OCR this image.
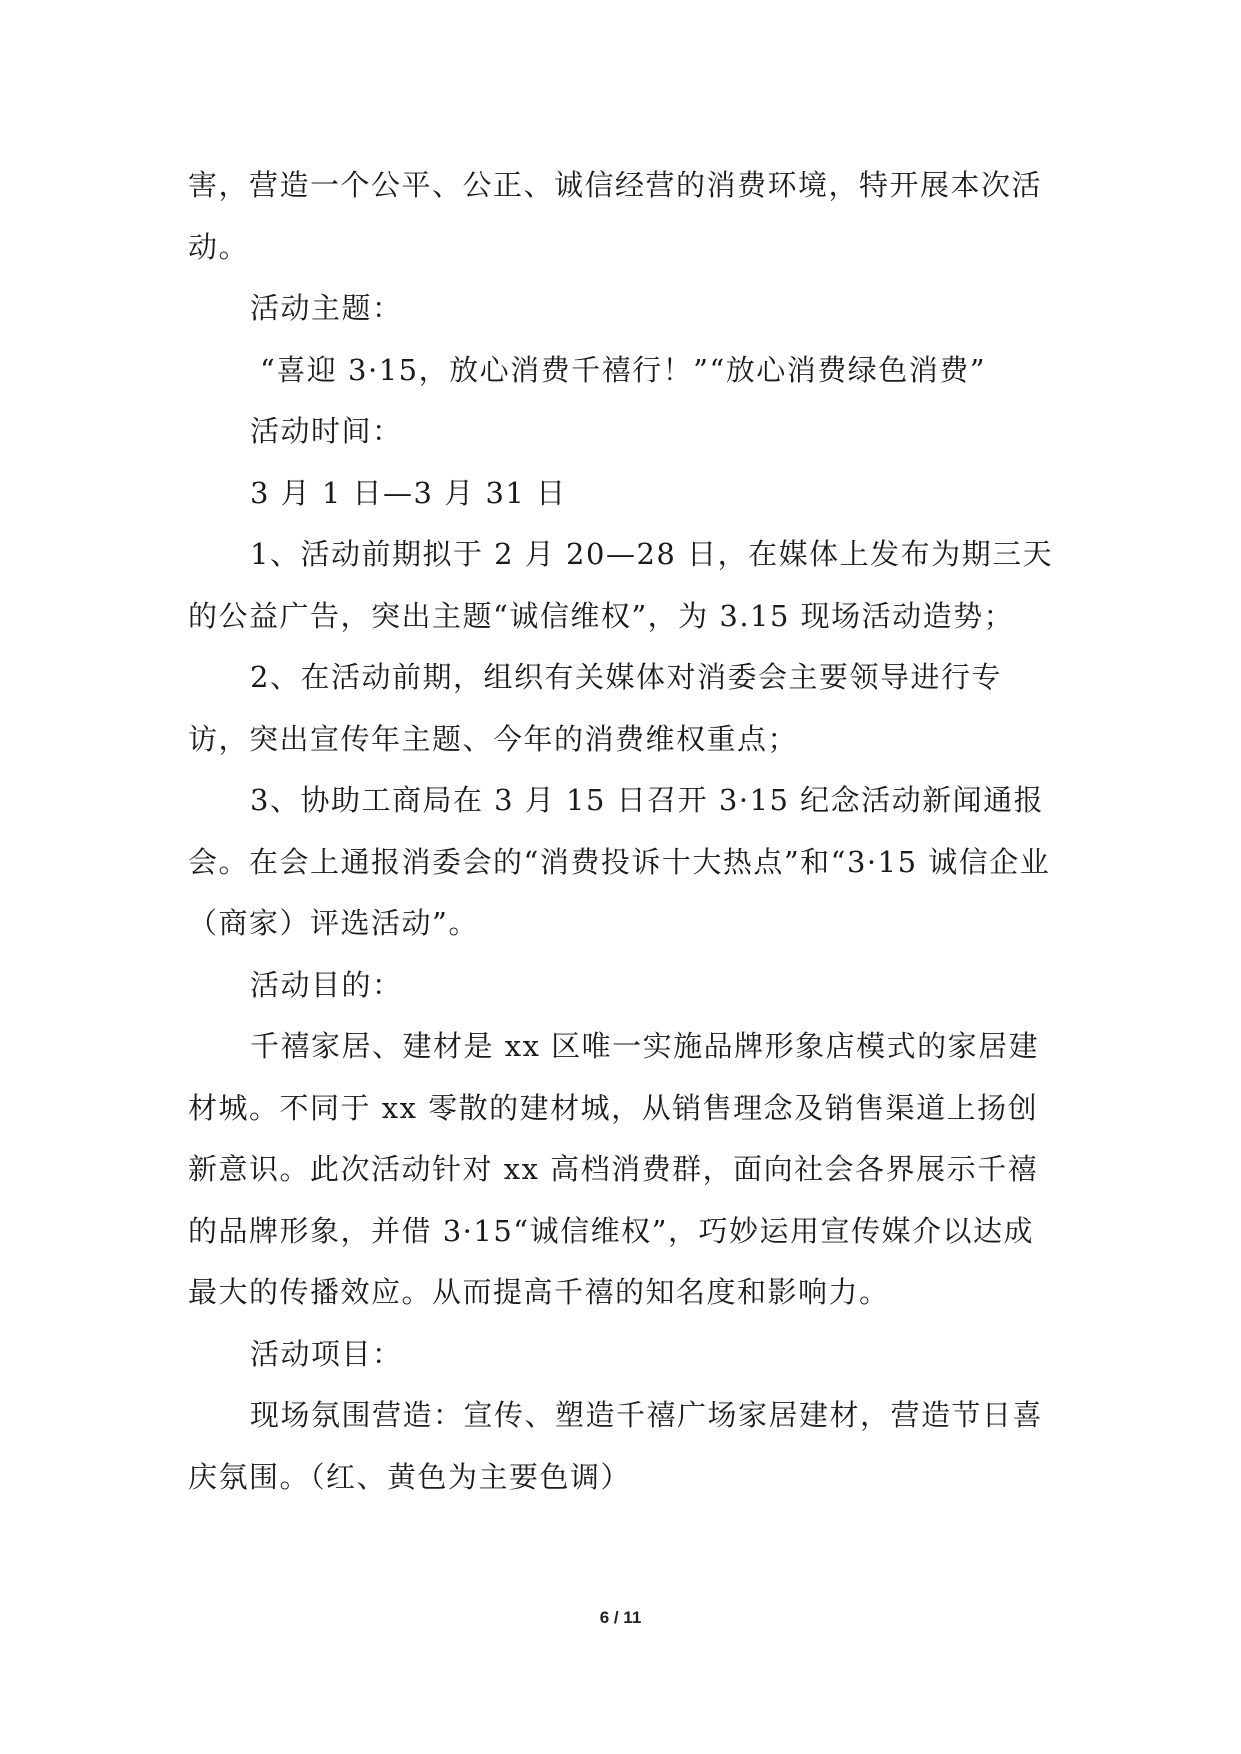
害，营造一个公平、公正、诚信经营的消费环境，特开展本次活动。

活动主题：

“喜迎 3·15，放心消费千禧行！”“放心消费绿色消费”

活动时间：

3 月 1 日—3 月 31 日

1、活动前期拟于 2 月 20—28 日，在媒体上发布为期三天的公益广告，突出主题“诚信维权”，为 3.15 现场活动造势；

2、在活动前期，组织有关媒体对消委会主要领导进行专访，突出宣传年主题、今年的消费维权重点；

3、协助工商局在 3 月 15 日召开 3·15 纪念活动新闻通报会。在会上通报消委会的“消费投诉十大热点”和“3·15 诚信企业（商家）评选活动”。

活动目的：

千禧家居、建材是 xx 区唯一实施品牌形象店模式的家居建材城。不同于 xx 零散的建材城，从销售理念及销售渠道上扬创新意识。此次活动针对 xx 高档消费群，面向社会各界展示千禧的品牌形象，并借 3·15“诚信维权”，巧妙运用宣传媒介以达成最大的传播效应。从而提高千禧的知名度和影响力。

活动项目：

现场氛围营造：宣传、塑造千禧广场家居建材，营造节日喜庆氛围。（红、黄色为主要色调）

6 / 11
